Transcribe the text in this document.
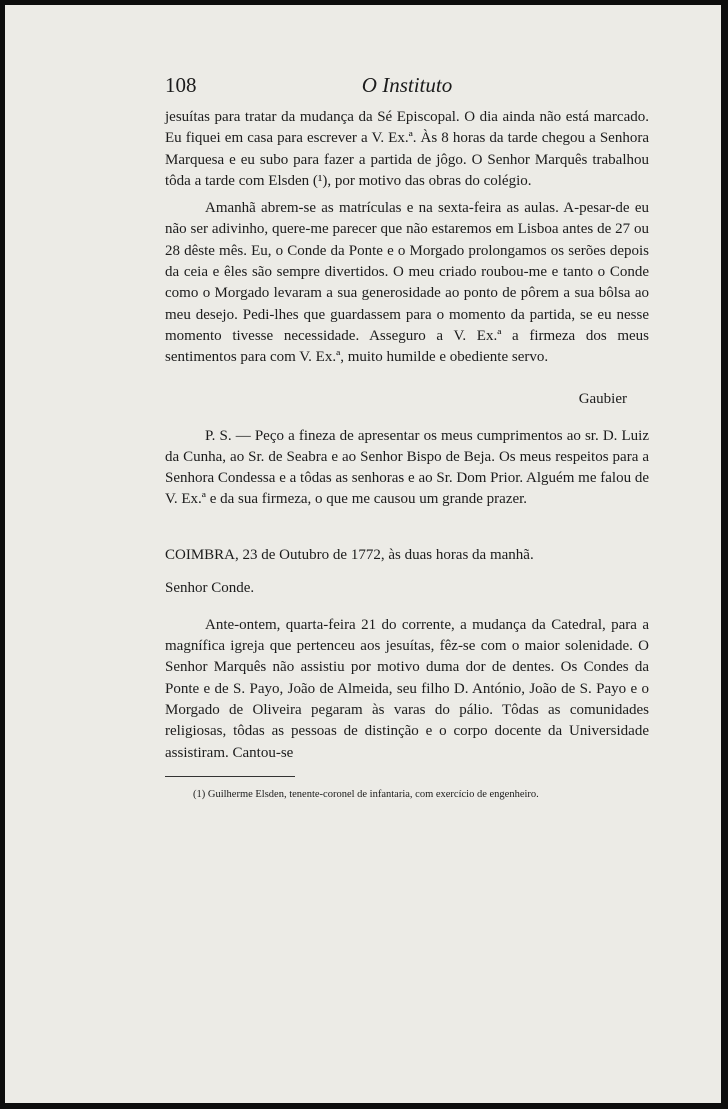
108	O Instituto

jesuítas para tratar da mudança da Sé Episcopal. O dia ainda não está marcado. Eu fiquei em casa para escrever a V. Ex.ª. Às 8 horas da tarde chegou a Senhora Marquesa e eu subo para fazer a partida de jôgo. O Senhor Marquês trabalhou tôda a tarde com Elsden (¹), por motivo das obras do colégio.

Amanhã abrem-se as matrículas e na sexta-feira as aulas. A-pesar-de eu não ser adivinho, quere-me parecer que não estaremos em Lisboa antes de 27 ou 28 dêste mês. Eu, o Conde da Ponte e o Morgado prolongamos os serões depois da ceia e êles são sempre divertidos. O meu criado roubou-me e tanto o Conde como o Morgado levaram a sua generosidade ao ponto de pôrem a sua bôlsa ao meu desejo. Pedi-lhes que guardassem para o momento da partida, se eu nesse momento tivesse necessidade. Asseguro a V. Ex.ª a firmeza dos meus sentimentos para com V. Ex.ª, muito humilde e obediente servo.

Gaubier

P. S. — Peço a fineza de apresentar os meus cumprimentos ao sr. D. Luiz da Cunha, ao Sr. de Seabra e ao Senhor Bispo de Beja. Os meus respeitos para a Senhora Condessa e a tôdas as senhoras e ao Sr. Dom Prior. Alguém me falou de V. Ex.ª e da sua firmeza, o que me causou um grande prazer.

COIMBRA, 23 de Outubro de 1772, às duas horas da manhã.
Senhor Conde.

Ante-ontem, quarta-feira 21 do corrente, a mudança da Catedral, para a magnífica igreja que pertenceu aos jesuítas, fêz-se com o maior solenidade. O Senhor Marquês não assistiu por motivo duma dor de dentes. Os Condes da Ponte e de S. Payo, João de Almeida, seu filho D. António, João de S. Payo e o Morgado de Oliveira pegaram às varas do pálio. Tôdas as comunidades religiosas, tôdas as pessoas de distinção e o corpo docente da Universidade assistiram. Cantou-se

(1) Guilherme Elsden, tenente-coronel de infantaria, com exercício de engenheiro.
